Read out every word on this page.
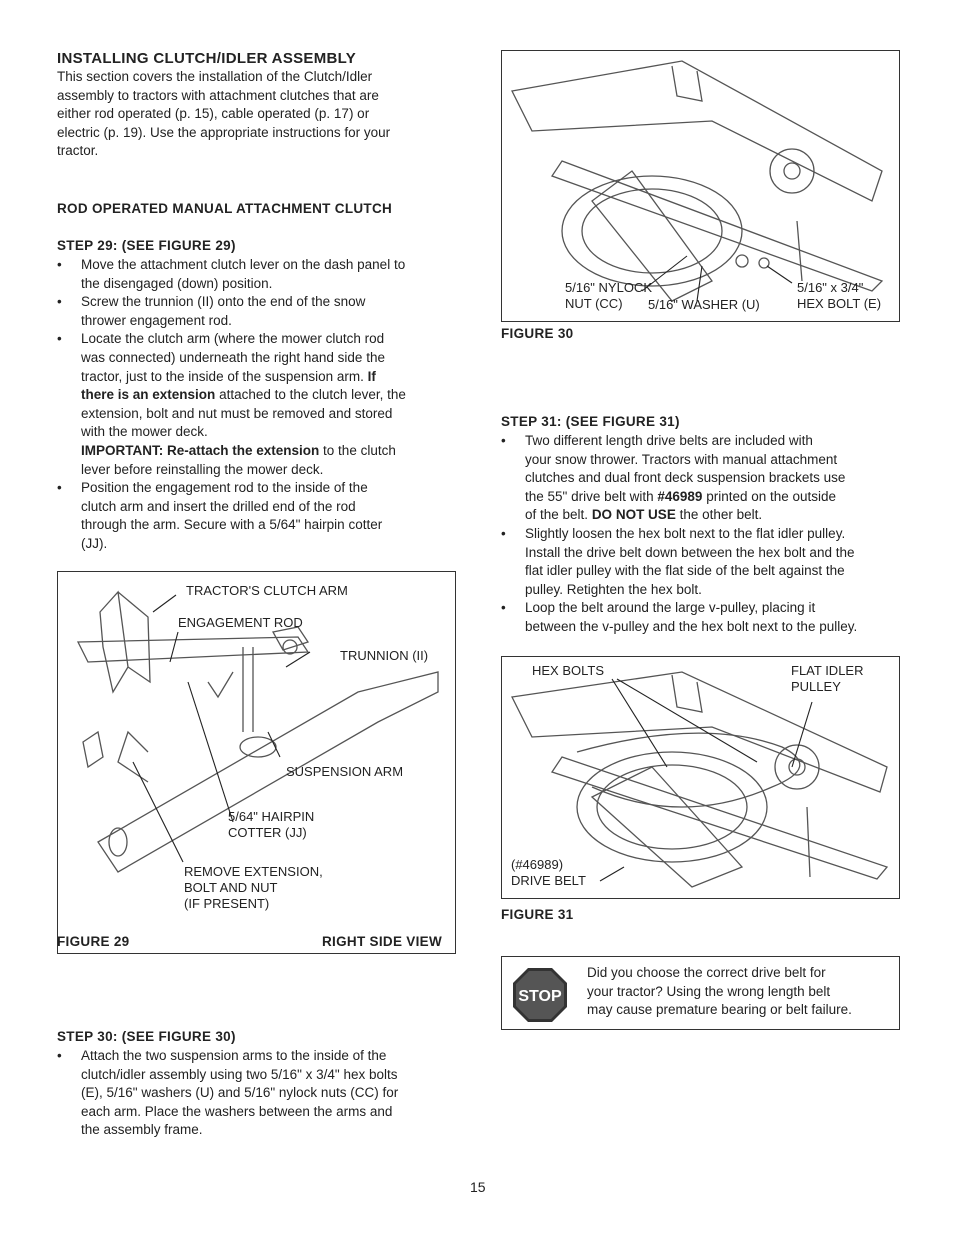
INSTALLING CLUTCH/IDLER ASSEMBLY
This section covers the installation of the Clutch/Idler
assembly to tractors with attachment clutches that are
either rod operated (p. 15), cable operated (p. 17) or
electric (p. 19). Use the appropriate instructions for your
tractor.
ROD OPERATED MANUAL ATTACHMENT CLUTCH
STEP 29: (SEE FIGURE 29)
• Move the attachment clutch lever on the dash panel to
the disengaged (down) position.
• Screw the trunnion (II) onto the end of the snow
thrower engagement rod.
• Locate the clutch arm (where the mower clutch rod
was connected) underneath the right hand side the
tractor, just to the inside of the suspension arm. If
there is an extension attached to the clutch lever, the
extension, bolt and nut must be removed and stored
with the mower deck.
IMPORTANT: Re-attach the extension to the clutch
lever before reinstalling the mower deck.
• Position the engagement rod to the inside of the
clutch arm and insert the drilled end of the rod
through the arm. Secure with a 5/64" hairpin cotter
(JJ).
TRACTOR'S CLUTCH ARM
ENGAGEMENT ROD
TRUNNION (II)
SUSPENSION ARM
5/64" HAIRPIN
COTTER (JJ)
REMOVE EXTENSION,
BOLT AND NUT
(IF PRESENT)
FIGURE 29	RIGHT SIDE VIEW
STEP 30: (SEE FIGURE 30)
• Attach the two suspension arms to the inside of the
clutch/idler assembly using two 5/16" x 3/4" hex bolts
(E), 5/16" washers (U) and 5/16" nylock nuts (CC) for
each arm. Place the washers between the arms and
the assembly frame.
5/16" NYLOCK
NUT (CC)	5/16" WASHER (U)
5/16" x 3/4"
HEX BOLT (E)
FIGURE 30
STEP 31: (SEE FIGURE 31)
• Two different length drive belts are included with
your snow thrower. Tractors with manual attachment
clutches and dual front deck suspension brackets use
the 55" drive belt with #46989 printed on the outside
of the belt. DO NOT USE the other belt.
• Slightly loosen the hex bolt next to the flat idler pulley.
Install the drive belt down between the hex bolt and the
flat idler pulley with the flat side of the belt against the
pulley. Retighten the hex bolt.
• Loop the belt around the large v-pulley, placing it
between the v-pulley and the hex bolt next to the pulley.
HEX BOLTS	FLAT IDLER
PULLEY
(#46989)
DRIVE BELT
FIGURE 31
STOP
Did you choose the correct drive belt for
your tractor? Using the wrong length belt
may cause premature bearing or belt failure.
15
